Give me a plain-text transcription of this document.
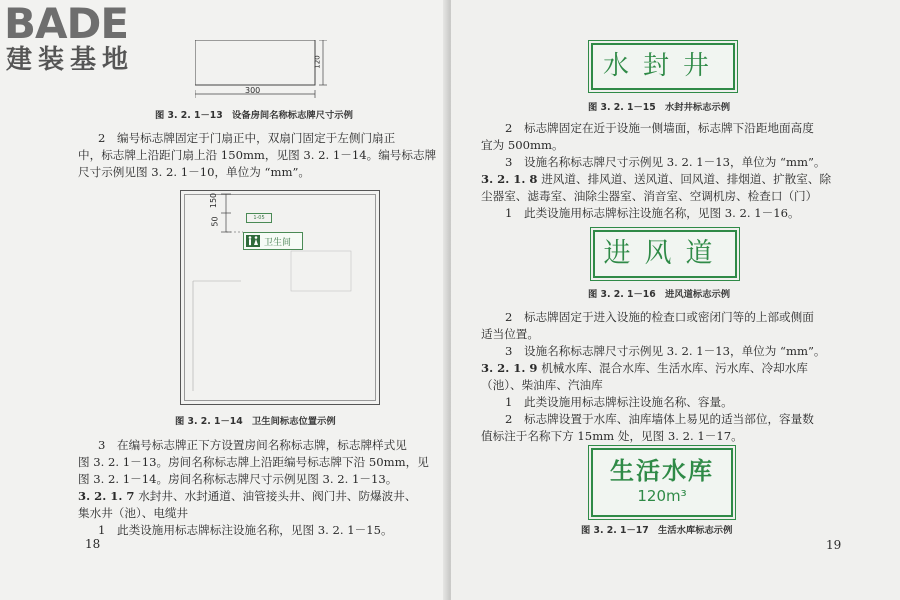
BADE
建装基地
300
120
图 3. 2. 1－13　设备房间名称标志牌尺寸示例
2　编号标志牌固定于门扇正中，双扇门固定于左侧门扇正
中，标志牌上沿距门扇上沿 150mm，见图 3. 2. 1－14。编号标志牌
尺寸示例见图 3. 2. 1－10，单位为 “mm”。
150
50	1-05
卫生间
图 3. 2. 1－14　卫生间标志位置示例
3　在编号标志牌正下方设置房间名称标志牌，标志牌样式见
图 3. 2. 1－13。房间名称标志牌上沿距编号标志牌下沿 50mm，见
图 3. 2. 1－14。房间名称标志牌尺寸示例见图 3. 2. 1－13。
3. 2. 1. 7 水封井、水封通道、油管接头井、阀门井、防爆波井、
集水井（池）、电缆井
1　此类设施用标志牌标注设施名称，见图 3. 2. 1－15。
18
水封井
图 3. 2. 1－15　水封井标志示例
2　标志牌固定在近于设施一侧墙面，标志牌下沿距地面高度
宜为 500mm。
3　设施名称标志牌尺寸示例见 3. 2. 1－13，单位为 “mm”。
3. 2. 1. 8 进风道、排风道、送风道、回风道、排烟道、扩散室、除
尘器室、滤毒室、油除尘器室、消音室、空调机房、检查口（门）
1　此类设施用标志牌标注设施名称，见图 3. 2. 1－16。
进风道
图 3. 2. 1－16　进风道标志示例
2　标志牌固定于进入设施的检查口或密闭门等的上部或侧面
适当位置。
3　设施名称标志牌尺寸示例见 3. 2. 1－13，单位为 “mm”。
3. 2. 1. 9 机械水库、混合水库、生活水库、污水库、冷却水库
（池）、柴油库、汽油库
1　此类设施用标志牌标注设施名称、容量。
2　标志牌设置于水库、油库墙体上易见的适当部位，容量数
值标注于名称下方 15mm 处，见图 3. 2. 1－17。
生活水库
120m³
图 3. 2. 1－17　生活水库标志示例
19
